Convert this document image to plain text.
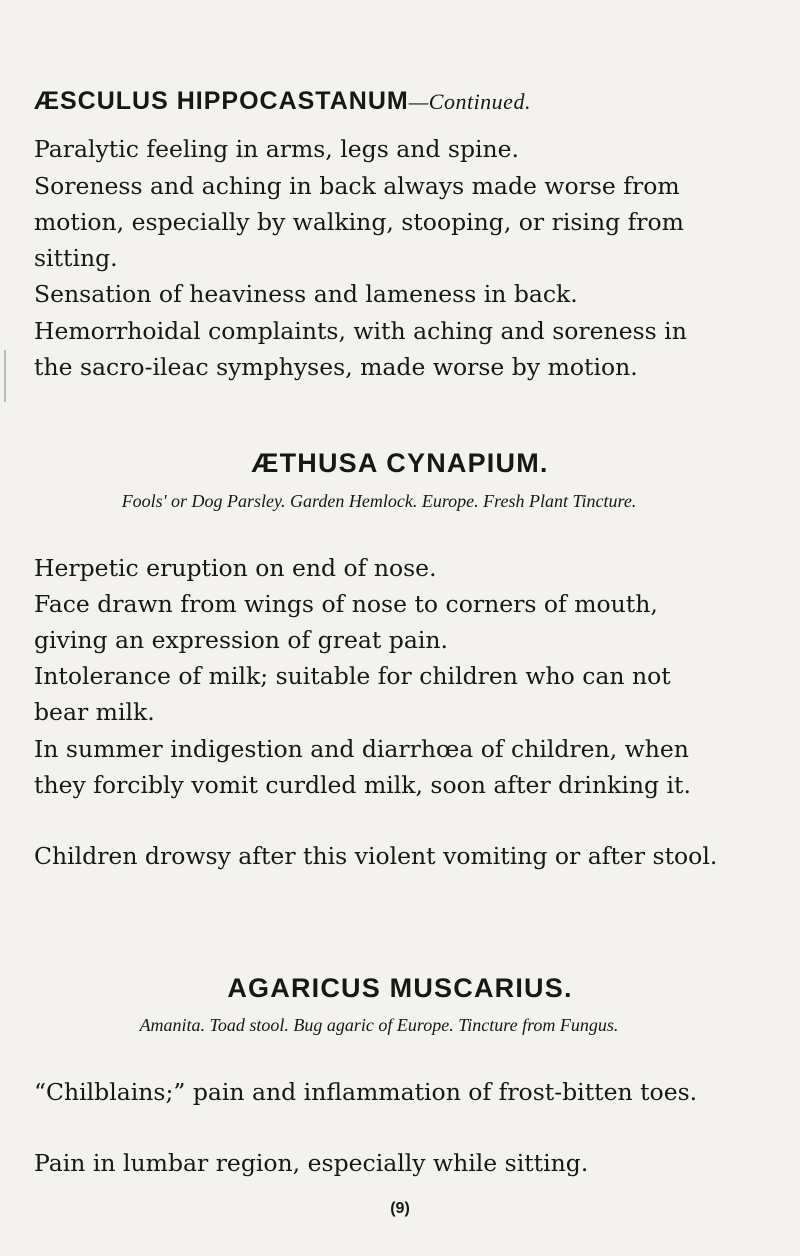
ÆSCULUS HIPPOCASTANUM—Continued.

Paralytic feeling in arms, legs and spine.

Soreness and aching in back always made worse from motion, especially by walking, stooping, or rising from sitting.

Sensation of heaviness and lameness in back.

Hemorrhoidal complaints, with aching and soreness in the sacro-ileac symphyses, made worse by motion.

ÆTHUSA CYNAPIUM.

Fools' or Dog Parsley. Garden Hemlock. Europe. Fresh Plant Tincture.

Herpetic eruption on end of nose.

Face drawn from wings of nose to corners of mouth, giving an expression of great pain.

Intolerance of milk; suitable for children who can not bear milk.

In summer indigestion and diarrhœa of children, when they forcibly vomit curdled milk, soon after drinking it.

Children drowsy after this violent vomiting or after stool.

AGARICUS MUSCARIUS.

Amanita. Toad stool. Bug agaric of Europe. Tincture from Fungus.

“Chilblains;” pain and inflammation of frost-bitten toes.

Pain in lumbar region, especially while sitting.

(9)
